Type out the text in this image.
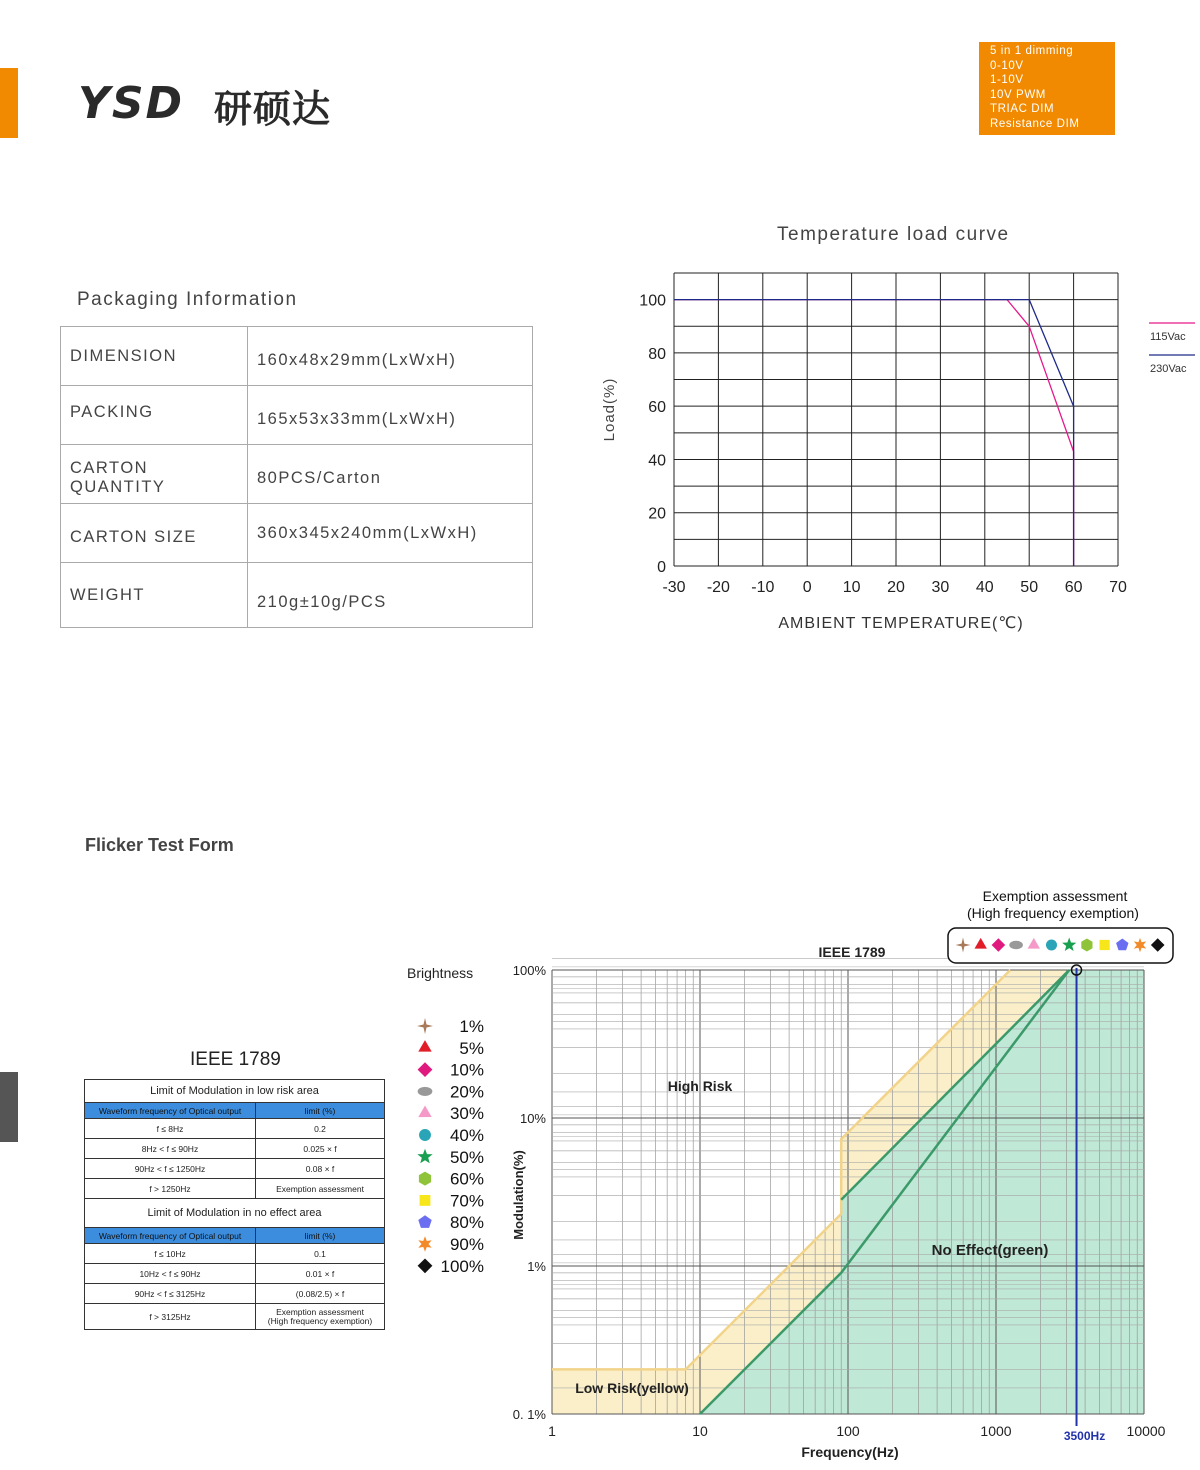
YSD 研硕达
5 in 1 dimming
0-10V
1-10V
10V PWM
TRIAC DIM
Resistance DIM
Packaging Information
DIMENSION	160x48x29mm(LxWxH)
PACKING	165x53x33mm(LxWxH)
CARTON QUANTITY	80PCS/Carton
CARTON SIZE	360x345x240mm(LxWxH)
WEIGHT	210g±10g/PCS
Temperature load curve
-30 -20 -10 0 10 20 30 40 50 60 70
0
20
40
60
80
100
AMBIENT TEMPERATURE(℃)
Load(%)
115Vac
230Vac
Flicker Test Form
IEEE 1789
Limit of Modulation in low risk area	
Waveform frequency of Optical output	limit (%)
f ≤ 8Hz	0.2
8Hz < f ≤ 90Hz	0.025 × f
90Hz < f ≤ 1250Hz	0.08 × f
f > 1250Hz	Exemption assessment
Limit of Modulation in no effect area	
Waveform frequency of Optical output	limit (%)
f ≤ 10Hz	0.1
10Hz < f ≤ 90Hz	0.01 × f
90Hz < f ≤ 3125Hz	(0.08/2.5) × f
f > 3125Hz	Exemption assessment
(High frequency exemption)
Brightness
1%
5%
10%
20%
30%
40%
50%
60%
70%
80%
90%
100%
3500Hz
1	10	100	1000	10000
0. 1%
1%
10%
100%
Frequency(Hz)
Modulation(%)
IEEE 1789
High Risk
Low Risk(yellow)
No Effect(green)
Exemption assessment
(High frequency exemption)
